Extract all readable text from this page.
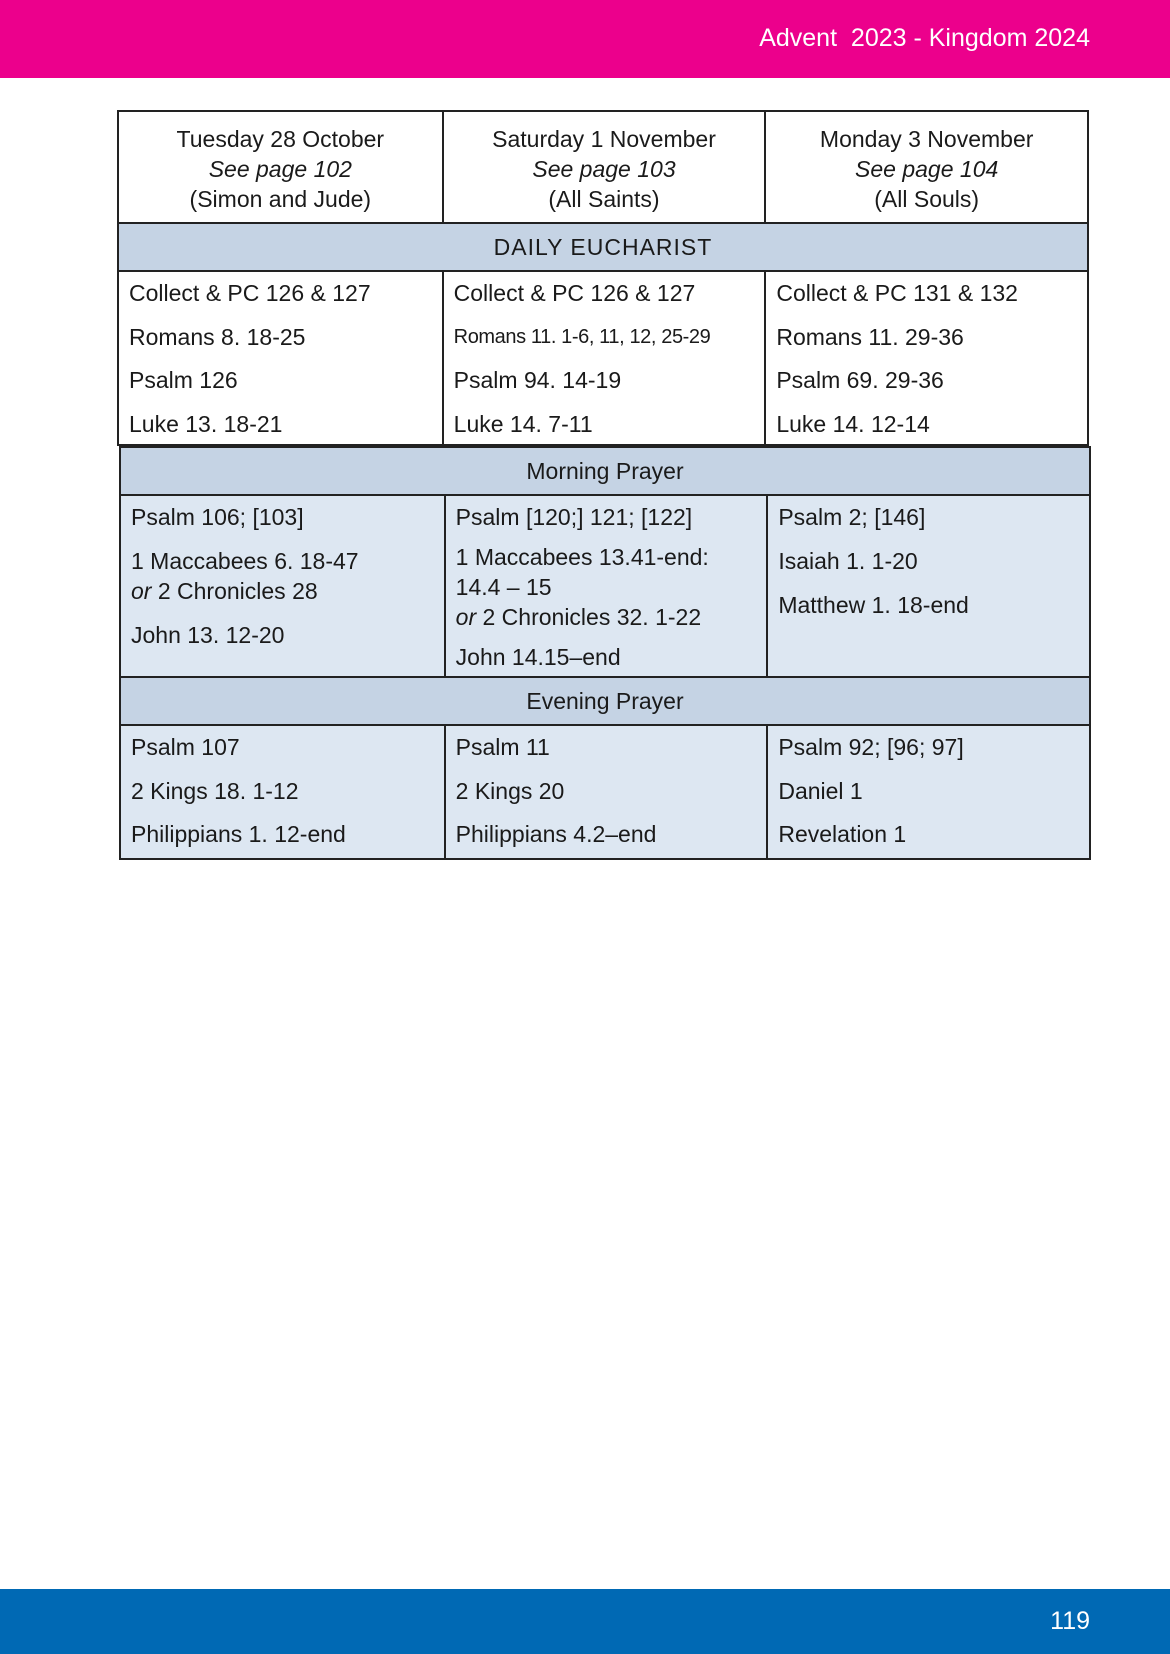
Advent  2023 - Kingdom 2024
Tuesday 28 October
See page 102
(Simon and Jude)
Saturday 1 November
See page 103
(All Saints)
Monday 3 November
See page 104
(All Souls)
DAILY EUCHARIST
Collect & PC 126 & 127
Romans 8. 18-25
Psalm 126
Luke 13. 18-21
Collect & PC 126 & 127
Romans 11. 1-6, 11, 12, 25-29
Psalm 94. 14-19
Luke 14. 7-11
Collect & PC 131 & 132
Romans 11. 29-36
Psalm 69. 29-36
Luke 14. 12-14
Morning Prayer
Psalm 106; [103]
1 Maccabees 6. 18-47
or 2 Chronicles 28
John 13. 12-20
Psalm [120;] 121; [122]
1 Maccabees 13.41-end:
14.4 – 15
or 2 Chronicles 32. 1-22
John 14.15–end
Psalm 2; [146]
Isaiah 1. 1-20
Matthew 1. 18-end
Evening Prayer
Psalm 107
2 Kings 18. 1-12
Philippians 1. 12-end
Psalm 11
2 Kings 20
Philippians 4.2–end
Psalm 92; [96; 97]
Daniel 1
Revelation 1
119
